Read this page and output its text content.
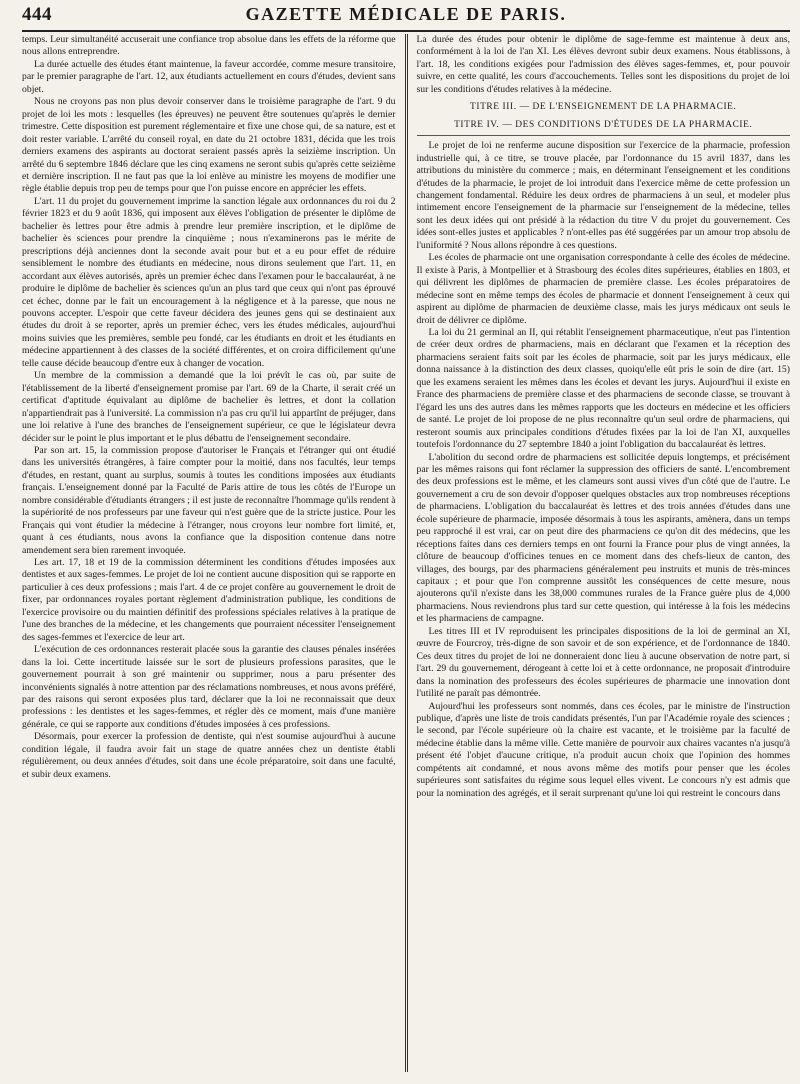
444	GAZETTE MÉDICALE DE PARIS.

temps. Leur simultanéité accuserait une confiance trop absolue dans les effets de la réforme que nous allons entreprendre.

La durée actuelle des études étant maintenue, la faveur accordée, comme mesure transitoire, par le premier paragraphe de l'art. 12, aux étudiants actuellement en cours d'études, devient sans objet.

Nous ne croyons pas non plus devoir conserver dans le troisième paragraphe de l'art. 9 du projet de loi les mots : lesquelles (les épreuves) ne peuvent être soutenues qu'après le dernier trimestre. Cette disposition est purement réglementaire et fixe une chose qui, de sa nature, est et doit rester variable. L'arrêté du conseil royal, en date du 21 octobre 1831, décida que les trois derniers examens des aspirants au doctorat seraient passés après la seizième inscription. Un arrêté du 6 septembre 1846 déclare que les cinq examens ne seront subis qu'après cette seizième et dernière inscription. Il ne faut pas que la loi enlève au ministre les moyens de modifier une règle établie depuis trop peu de temps pour que l'on puisse encore en apprécier les effets.

L'art. 11 du projet du gouvernement imprime la sanction légale aux ordonnances du roi du 2 février 1823 et du 9 août 1836, qui imposent aux élèves l'obligation de présenter le diplôme de bachelier ès lettres pour être admis à prendre leur première inscription, et le diplôme de bachelier ès sciences pour prendre la cinquième ; nous n'examinerons pas le mérite de prescriptions déjà anciennes dont la seconde avait pour but et a eu pour effet de réduire sensiblement le nombre des étudiants en médecine, nous dirons seulement que l'art. 11, en accordant aux élèves autorisés, après un premier échec dans l'examen pour le baccalauréat, à ne produire le diplôme de bachelier ès sciences qu'un an plus tard que ceux qui n'ont pas éprouvé cet échec, donne par le fait un encouragement à la négligence et à la paresse, que nous ne pouvons accepter. L'espoir que cette faveur décidera des jeunes gens qui se destinaient aux études du droit à se reporter, après un premier échec, vers les études médicales, aujourd'hui moins suivies que les premières, semble peu fondé, car les étudiants en droit et les étudiants en médecine appartiennent à des classes de la société différentes, et on croira difficilement qu'une telle cause décide beaucoup d'entre eux à changer de vocation.

Un membre de la commission a demandé que la loi prévît le cas où, par suite de l'établissement de la liberté d'enseignement promise par l'art. 69 de la Charte, il serait créé un certificat d'aptitude équivalant au diplôme de bachelier ès lettres, et dont la collation n'appartiendrait pas à l'université. La commission n'a pas cru qu'il lui appartînt de préjuger, dans une loi relative à l'une des branches de l'enseignement supérieur, ce que le législateur devra décider sur le point le plus important et le plus débattu de l'enseignement secondaire.

Par son art. 15, la commission propose d'autoriser le Français et l'étranger qui ont étudié dans les universités étrangères, à faire compter pour la moitié, dans nos facultés, leur temps d'études, en restant, quant au surplus, soumis à toutes les conditions imposées aux étudiants français. L'enseignement donné par la Faculté de Paris attire de tous les côtés de l'Europe un nombre considérable d'étudiants étrangers ; il est juste de reconnaître l'hommage qu'ils rendent à la supériorité de nos professeurs par une faveur qui n'est guère que de la stricte justice. Pour les Français qui vont étudier la médecine à l'étranger, nous croyons leur nombre fort limité, et, quant à ces étudiants, nous avons la confiance que la disposition contenue dans notre amendement sera bien rarement invoquée.

Les art. 17, 18 et 19 de la commission déterminent les conditions d'études imposées aux dentistes et aux sages-femmes. Le projet de loi ne contient aucune disposition qui se rapporte en particulier à ces deux professions ; mais l'art. 4 de ce projet confère au gouvernement le droit de fixer, par ordonnances royales portant règlement d'administration publique, les conditions de l'exercice provisoire ou du maintien définitif des professions spéciales relatives à la pratique de l'une des branches de la médecine, et les changements que pourraient nécessiter l'enseignement des sages-femmes et l'exercice de leur art.

L'exécution de ces ordonnances resterait placée sous la garantie des clauses pénales insérées dans la loi. Cette incertitude laissée sur le sort de plusieurs professions parasites, que le gouvernement pourrait à son gré maintenir ou supprimer, nous a paru présenter des inconvénients signalés à notre attention par des réclamations nombreuses, et nous avons préféré, par des raisons qui seront exposées plus tard, déclarer que la loi ne reconnaissait que deux professions : les dentistes et les sages-femmes, et régler dès ce moment, mais d'une manière générale, ce qui se rapporte aux conditions d'études imposées à ces professions.

Désormais, pour exercer la profession de dentiste, qui n'est soumise aujourd'hui à aucune condition légale, il faudra avoir fait un stage de quatre années chez un dentiste établi régulièrement, ou deux années d'études, soit dans une école préparatoire, soit dans une faculté, et subir deux examens.

La durée des études pour obtenir le diplôme de sage-femme est maintenue à deux ans, conformément à la loi de l'an XI. Les élèves devront subir deux examens. Nous établissons, à l'art. 18, les conditions exigées pour l'admission des élèves sages-femmes, et, pour pouvoir suivre, en cette qualité, les cours d'accouchements. Telles sont les dispositions du projet de loi sur les conditions d'études relatives à la médecine.

TITRE III. — DE L'ENSEIGNEMENT DE LA PHARMACIE.
TITRE IV. — DES CONDITIONS D'ÉTUDES DE LA PHARMACIE.

Le projet de loi ne renferme aucune disposition sur l'exercice de la pharmacie, profession industrielle qui, à ce titre, se trouve placée, par l'ordonnance du 15 avril 1837, dans les attributions du ministère du commerce ; mais, en déterminant l'enseignement et les conditions d'études de la pharmacie, le projet de loi introduit dans l'exercice même de cette profession un changement fondamental. Réduire les deux ordres de pharmaciens à un seul, et modeler plus intimement encore l'enseignement de la pharmacie sur l'enseignement de la médecine, telles sont les deux idées qui ont présidé à la rédaction du titre V du projet du gouvernement. Ces idées sont-elles justes et applicables ? n'ont-elles pas été suggérées par un amour trop absolu de l'uniformité ? Nous allons répondre à ces questions.

Les écoles de pharmacie ont une organisation correspondante à celle des écoles de médecine. Il existe à Paris, à Montpellier et à Strasbourg des écoles dites supérieures, établies en 1803, et qui délivrent les diplômes de pharmacien de première classe. Les écoles préparatoires de médecine sont en même temps des écoles de pharmacie et donnent l'enseignement à ceux qui aspirent au diplôme de pharmacien de deuxième classe, mais les jurys médicaux ont seuls le droit de délivrer ce diplôme.

La loi du 21 germinal an II, qui rétablit l'enseignement pharmaceutique, n'eut pas l'intention de créer deux ordres de pharmaciens, mais en déclarant que l'examen et la réception des pharmaciens seraient faits soit par les écoles de pharmacie, soit par les jurys médicaux, elle donna naissance à la distinction des deux classes, quoiqu'elle eût pris le soin de dire (art. 15) que les examens seraient les mêmes dans les écoles et devant les jurys. Aujourd'hui il existe en France des pharmaciens de première classe et des pharmaciens de seconde classe, se trouvant à l'égard les uns des autres dans les mêmes rapports que les docteurs en médecine et les officiers de santé. Le projet de loi propose de ne plus reconnaître qu'un seul ordre de pharmaciens, qui resteront soumis aux principales conditions d'études fixées par la loi de l'an XI, auxquelles toutefois l'ordonnance du 27 septembre 1840 a joint l'obligation du baccalauréat ès lettres.

L'abolition du second ordre de pharmaciens est sollicitée depuis longtemps, et précisément par les mêmes raisons qui font réclamer la suppression des officiers de santé. L'encombrement des deux professions est le même, et les clameurs sont aussi vives d'un côté que de l'autre. Le gouvernement a cru de son devoir d'opposer quelques obstacles aux trop nombreuses réceptions de pharmaciens. L'obligation du baccalauréat ès lettres et des trois années d'études dans une école supérieure de pharmacie, imposée désormais à tous les aspirants, amènera, dans un temps peu rapproché il est vrai, car on peut dire des pharmaciens ce qu'on dit des médecins, que les réceptions faites dans ces derniers temps en ont fourni la France pour plus de vingt années, la clôture de beaucoup d'officines tenues en ce moment dans des chefs-lieux de canton, des villages, des bourgs, par des pharmaciens généralement peu instruits et munis de très-minces capitaux ; et pour que l'on comprenne aussitôt les conséquences de cette mesure, nous ajouterons qu'il n'existe dans les 38,000 communes rurales de la France guère plus de 4,000 pharmaciens. Nous reviendrons plus tard sur cette question, qui intéresse à la fois les médecins et les pharmaciens de campagne.

Les titres III et IV reproduisent les principales dispositions de la loi de germinal an XI, œuvre de Fourcroy, très-digne de son savoir et de son expérience, et de l'ordonnance de 1840. Ces deux titres du projet de loi ne donneraient donc lieu à aucune observation de notre part, si l'art. 29 du gouvernement, dérogeant à cette loi et à cette ordonnance, ne proposait d'introduire dans la nomination des professeurs des écoles supérieures de pharmacie une innovation dont l'utilité ne paraît pas démontrée.

Aujourd'hui les professeurs sont nommés, dans ces écoles, par le ministre de l'instruction publique, d'après une liste de trois candidats présentés, l'un par l'Académie royale des sciences ; le second, par l'école supérieure où la chaire est vacante, et le troisième par la faculté de médecine établie dans la même ville. Cette manière de pourvoir aux chaires vacantes n'a jusqu'à présent été l'objet d'aucune critique, n'a produit aucun choix que l'opinion des hommes compétents ait condamné, et nous avons même des motifs pour penser que les écoles supérieures sont satisfaites du régime sous lequel elles vivent. Le concours n'y est admis que pour la nomination des agrégés, et il serait surprenant qu'une loi qui restreint le concours dans
